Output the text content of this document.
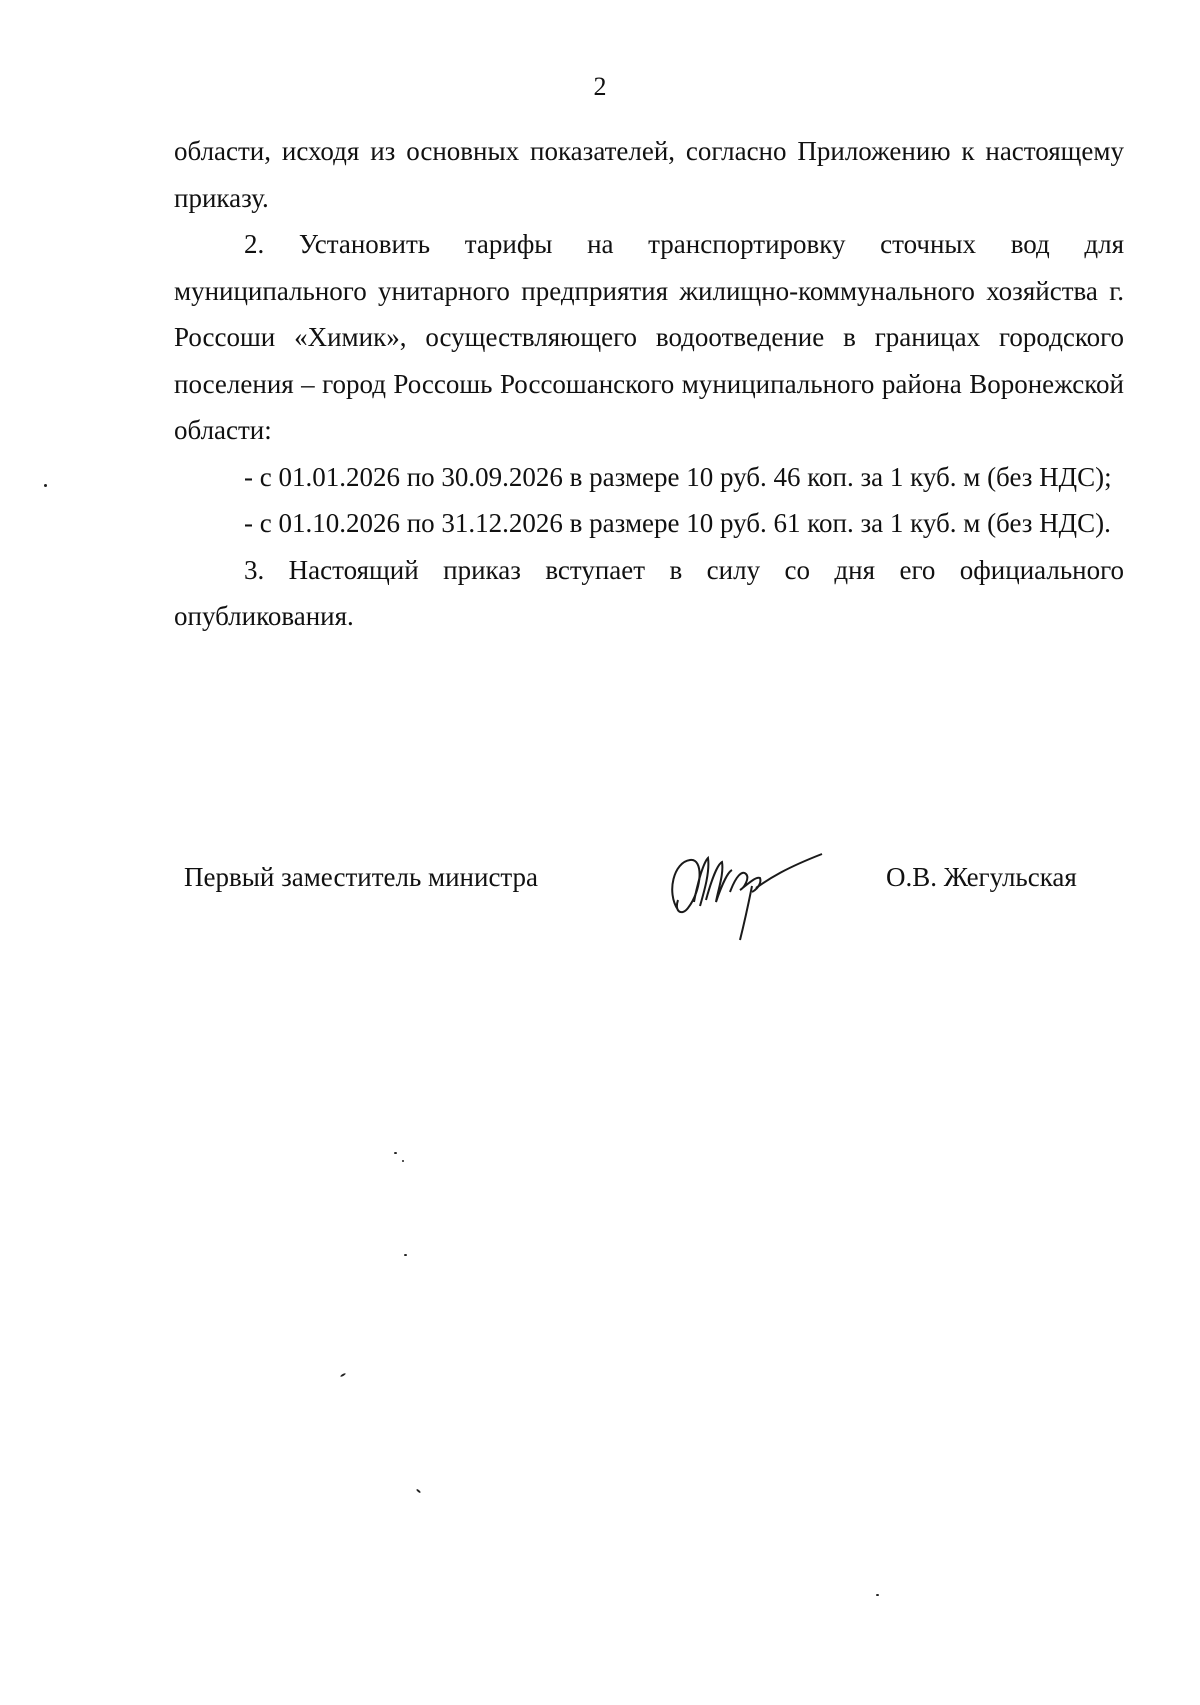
2

области, исходя из основных показателей, согласно Приложению к настоящему приказу.

2. Установить тарифы на транспортировку сточных вод для муниципального унитарного предприятия жилищно-коммунального хозяйства г. Россоши «Химик», осуществляющего водоотведение в границах городского поселения – город Россошь Россошанского муниципального района Воронежской области:

- с 01.01.2026 по 30.09.2026 в размере 10 руб. 46 коп. за 1 куб. м (без НДС);

- с 01.10.2026 по 31.12.2026 в размере 10 руб. 61 коп. за 1 куб. м (без НДС).

3. Настоящий приказ вступает в силу со дня его официального опубликования.

Первый заместитель министра	О.В. Жегульская
